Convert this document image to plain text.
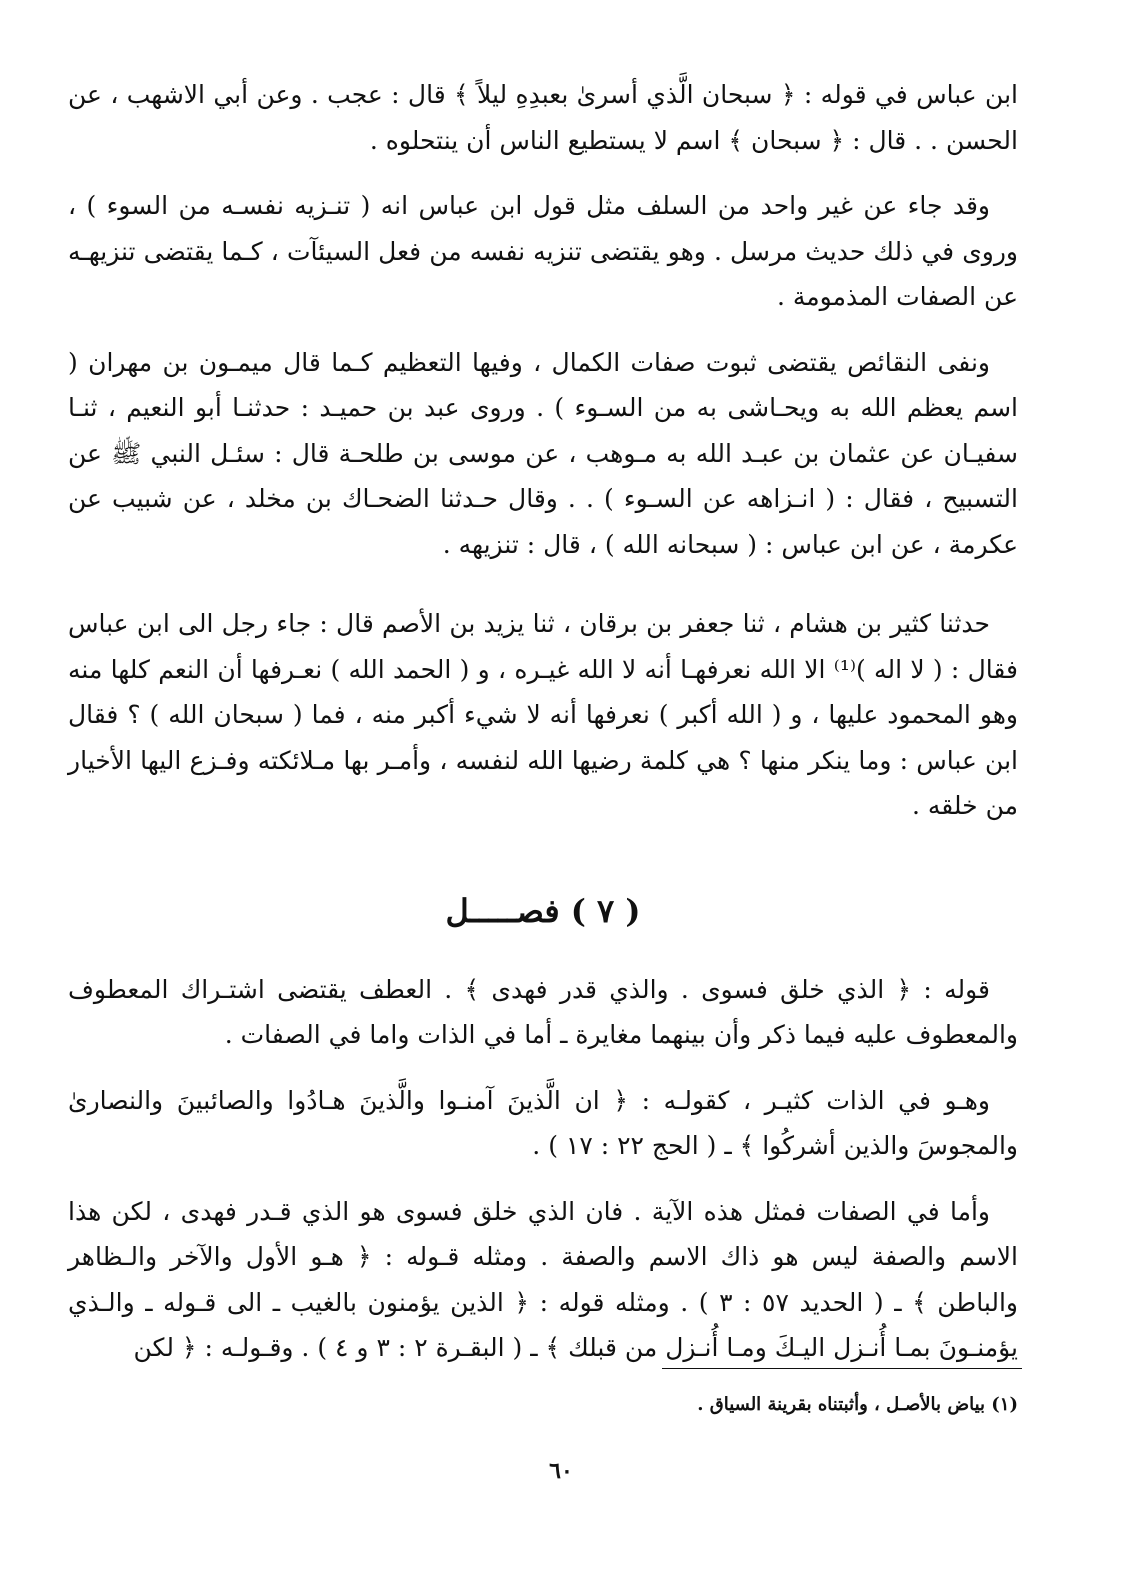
ابن عباس في قوله : ﴿ سبحان الَّذي أسرىٰ بعبدِهِ ليلاً ﴾ قال : عجب . وعن أبي الاشهب ، عن الحسن . . قال : ﴿ سبحان ﴾ اسم لا يستطيع الناس أن ينتحلوه .

وقد جاء عن غير واحد من السلف مثل قول ابن عباس انه ( تنـزيه نفسـه من السوء ) ، وروى في ذلك حديث مرسل . وهو يقتضى تنزيه نفسه من فعل السيئآت ، كـما يقتضى تنزيهـه عن الصفات المذمومة .

ونفى النقائص يقتضى ثبوت صفات الكمال ، وفيها التعظيم كـما قال ميمـون بن مهران ( اسم يعظم الله به ويحـاشى به من السـوء ) . وروى عبد بن حميـد : حدثنـا أبو النعيم ، ثنـا سفيـان عن عثمان بن عبـد الله به مـوهب ، عن موسى بن طلحـة قال : سئـل النبي ﷺ عن التسبيح ، فقال : ( انـزاهه عن السـوء ) . . وقال حـدثنا الضحـاك بن مخلد ، عن شبيب عن عكرمة ، عن ابن عباس : ( سبحانه الله ) ، قال : تنزيهه .

حدثنا كثير بن هشام ، ثنا جعفر بن برقان ، ثنا يزيد بن الأصم قال : جاء رجل الى ابن عباس فقال : ( لا اله )⁽¹⁾ الا الله نعرفهـا أنه لا الله غيـره ، و ( الحمد الله ) نعـرفها أن النعم كلها منه وهو المحمود عليها ، و ( الله أكبر ) نعرفها أنه لا شيء أكبر منه ، فما ( سبحان الله ) ؟ فقال ابن عباس : وما ينكر منها ؟ هي كلمة رضيها الله لنفسه ، وأمـر بها مـلائكته وفـزع اليها الأخيار من خلقه .

( ٧ ) فصـــــل

قوله : ﴿ الذي خلق فسوى . والذي قدر فهدى ﴾ . العطف يقتضى اشتـراك المعطوف والمعطوف عليه فيما ذكر وأن بينهما مغايرة ـ أما في الذات واما في الصفات .

وهـو في الذات كثيـر ، كقولـه : ﴿ ان الَّذينَ آمنـوا والَّذينَ هـادُوا والصائبينَ والنصارىٰ والمجوسَ والذين أشركُوا ﴾ ـ ( الحج ٢٢ : ١٧ ) .

وأما في الصفات فمثل هذه الآية . فان الذي خلق فسوى هو الذي قـدر فهدى ، لكن هذا الاسم والصفة ليس هو ذاك الاسم والصفة . ومثله قـوله : ﴿ هـو الأول والآخر والـظاهر والباطن ﴾ ـ ( الحديد ٥٧ : ٣ ) . ومثله قوله : ﴿ الذين يؤمنون بالغيب ـ الى قـوله ـ والـذي يؤمنـونَ بمـا أُنـزل اليـكَ ومـا أُنـزل من قبلك ﴾ ـ ( البقـرة ٢ : ٣ و ٤ ) . وقـولـه : ﴿ لكن

(١) بياض بالأصـل ، وأثبتناه بقرينة السياق .
٦٠
